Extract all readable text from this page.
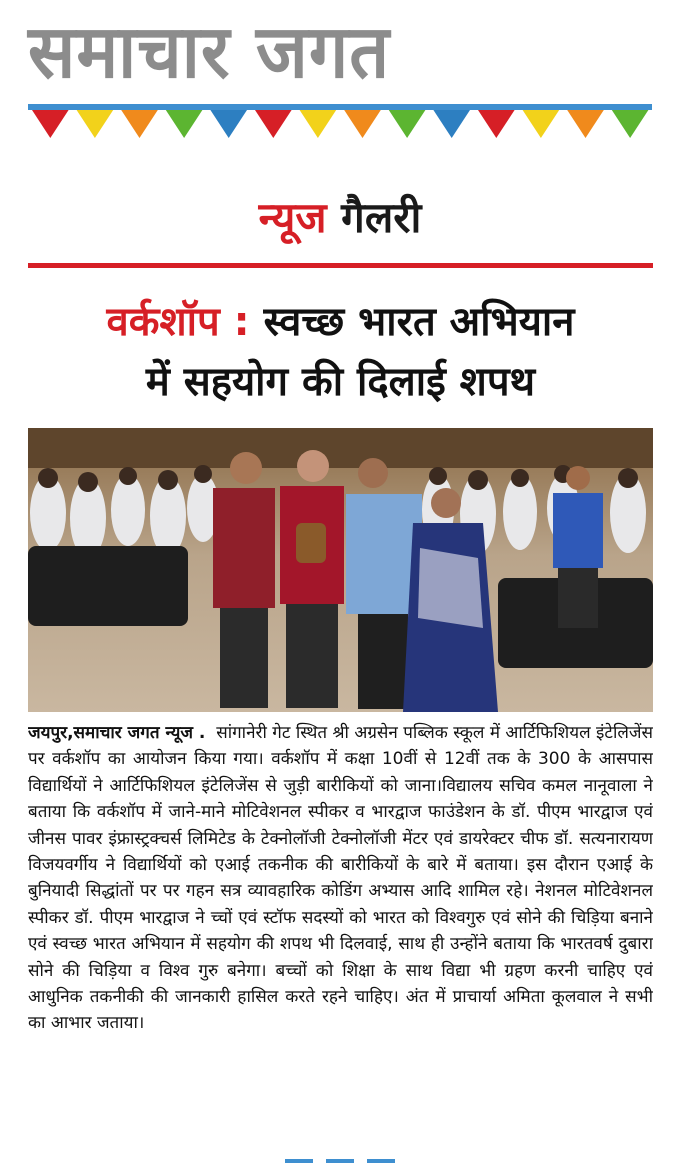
समाचार जगत
न्यूज गैलरी
वर्कशॉप : स्वच्छ भारत अभियान
में सहयोग की दिलाई शपथ
जयपुर,समाचार जगत न्यूज . सांगानेरी गेट स्थित श्री अग्रसेन पब्लिक स्कूल में आर्टिफिशियल इंटेलिजेंस पर वर्कशॉप का आयोजन किया गया। वर्कशॉप में कक्षा 10वीं से 12वीं तक के 300 के आसपास विद्यार्थियों ने आर्टिफिशियल इंटेलिजेंस से जुड़ी बारीकियों को जाना।विद्यालय सचिव कमल नानूवाला ने बताया कि वर्कशॉप में जाने-माने मोटिवेशनल स्पीकर व भारद्वाज फाउंडेशन के डॉ. पीएम भारद्वाज एवं जीनस पावर इंफ्रास्ट्रक्चर्स लिमिटेड के टेक्नोलॉजी टेक्नोलॉजी मेंटर एवं डायरेक्टर चीफ डॉ. सत्यनारायण विजयवर्गीय ने विद्यार्थियों को एआई तकनीक की बारीकियों के बारे में बताया। इस दौरान एआई के बुनियादी सिद्धांतों पर पर गहन सत्र व्यावहारिक कोडिंग अभ्यास आदि शामिल रहे। नेशनल मोटिवेशनल स्पीकर डॉ. पीएम भारद्वाज ने च्चों एवं स्टॉफ सदस्यों को भारत को विश्वगुरु एवं सोने की चिड़िया बनाने एवं स्वच्छ भारत अभियान में सहयोग की शपथ भी दिलवाई, साथ ही उन्होंने बताया कि भारतवर्ष दुबारा सोने की चिड़िया व विश्व गुरु बनेगा। बच्चों को शिक्षा के साथ विद्या भी ग्रहण करनी चाहिए एवं आधुनिक तकनीकी की जानकारी हासिल करते रहने चाहिए। अंत में प्राचार्या अमिता कूलवाल ने सभी का आभार जताया।
